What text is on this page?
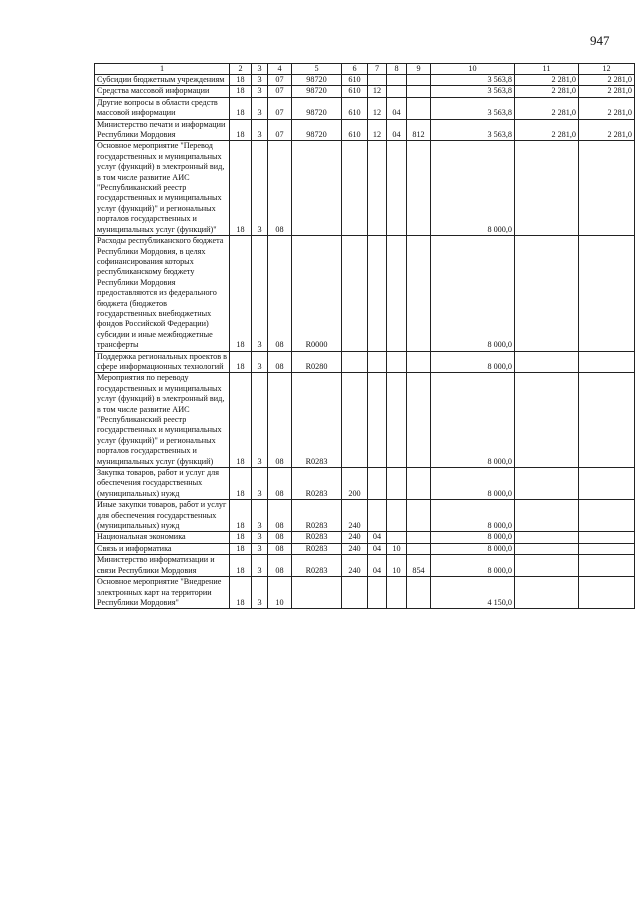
947
1	2	3	4	5	6	7	8	9	10	11	12
Субсидии бюджетным учреждениям	18	3	07	98720	610				3 563,8	2 281,0	2 281,0
Средства массовой информации	18	3	07	98720	610	12			3 563,8	2 281,0	2 281,0
Другие вопросы в области средств массовой информации	18	3	07	98720	610	12	04		3 563,8	2 281,0	2 281,0
Министерство печати и информации Республики Мордовия	18	3	07	98720	610	12	04	812	3 563,8	2 281,0	2 281,0
Основное мероприятие "Перевод государственных и муниципальных услуг (функций) в электронный вид, в том числе развитие АИС "Республиканский реестр государственных и муниципальных услуг (функций)" и региональных порталов государственных и муниципальных услуг (функций)"	18	3	08						8 000,0		
Расходы республиканского бюджета Республики Мордовия, в целях софинансирования которых республиканскому бюджету Республики Мордовия предоставляются из федерального бюджета (бюджетов государственных внебюджетных фондов Российской Федерации) субсидии и иные межбюджетные трансферты	18	3	08	R0000					8 000,0		
Поддержка региональных проектов в сфере информационных технологий	18	3	08	R0280					8 000,0		
Мероприятия по переводу государственных и муниципальных услуг (функций) в электронный вид, в том числе развитие АИС "Республиканский реестр государственных и муниципальных услуг (функций)" и региональных порталов государственных и муниципальных услуг (функций)	18	3	08	R0283					8 000,0		
Закупка товаров, работ и услуг для обеспечения государственных (муниципальных) нужд	18	3	08	R0283	200				8 000,0		
Иные закупки товаров, работ и услуг для обеспечения государственных (муниципальных) нужд	18	3	08	R0283	240				8 000,0		
Национальная экономика	18	3	08	R0283	240	04			8 000,0		
Связь и информатика	18	3	08	R0283	240	04	10		8 000,0		
Министерство информатизации и связи Республики Мордовия	18	3	08	R0283	240	04	10	854	8 000,0		
Основное мероприятие "Внедрение электронных карт на территории Республики Мордовия"	18	3	10						4 150,0		
